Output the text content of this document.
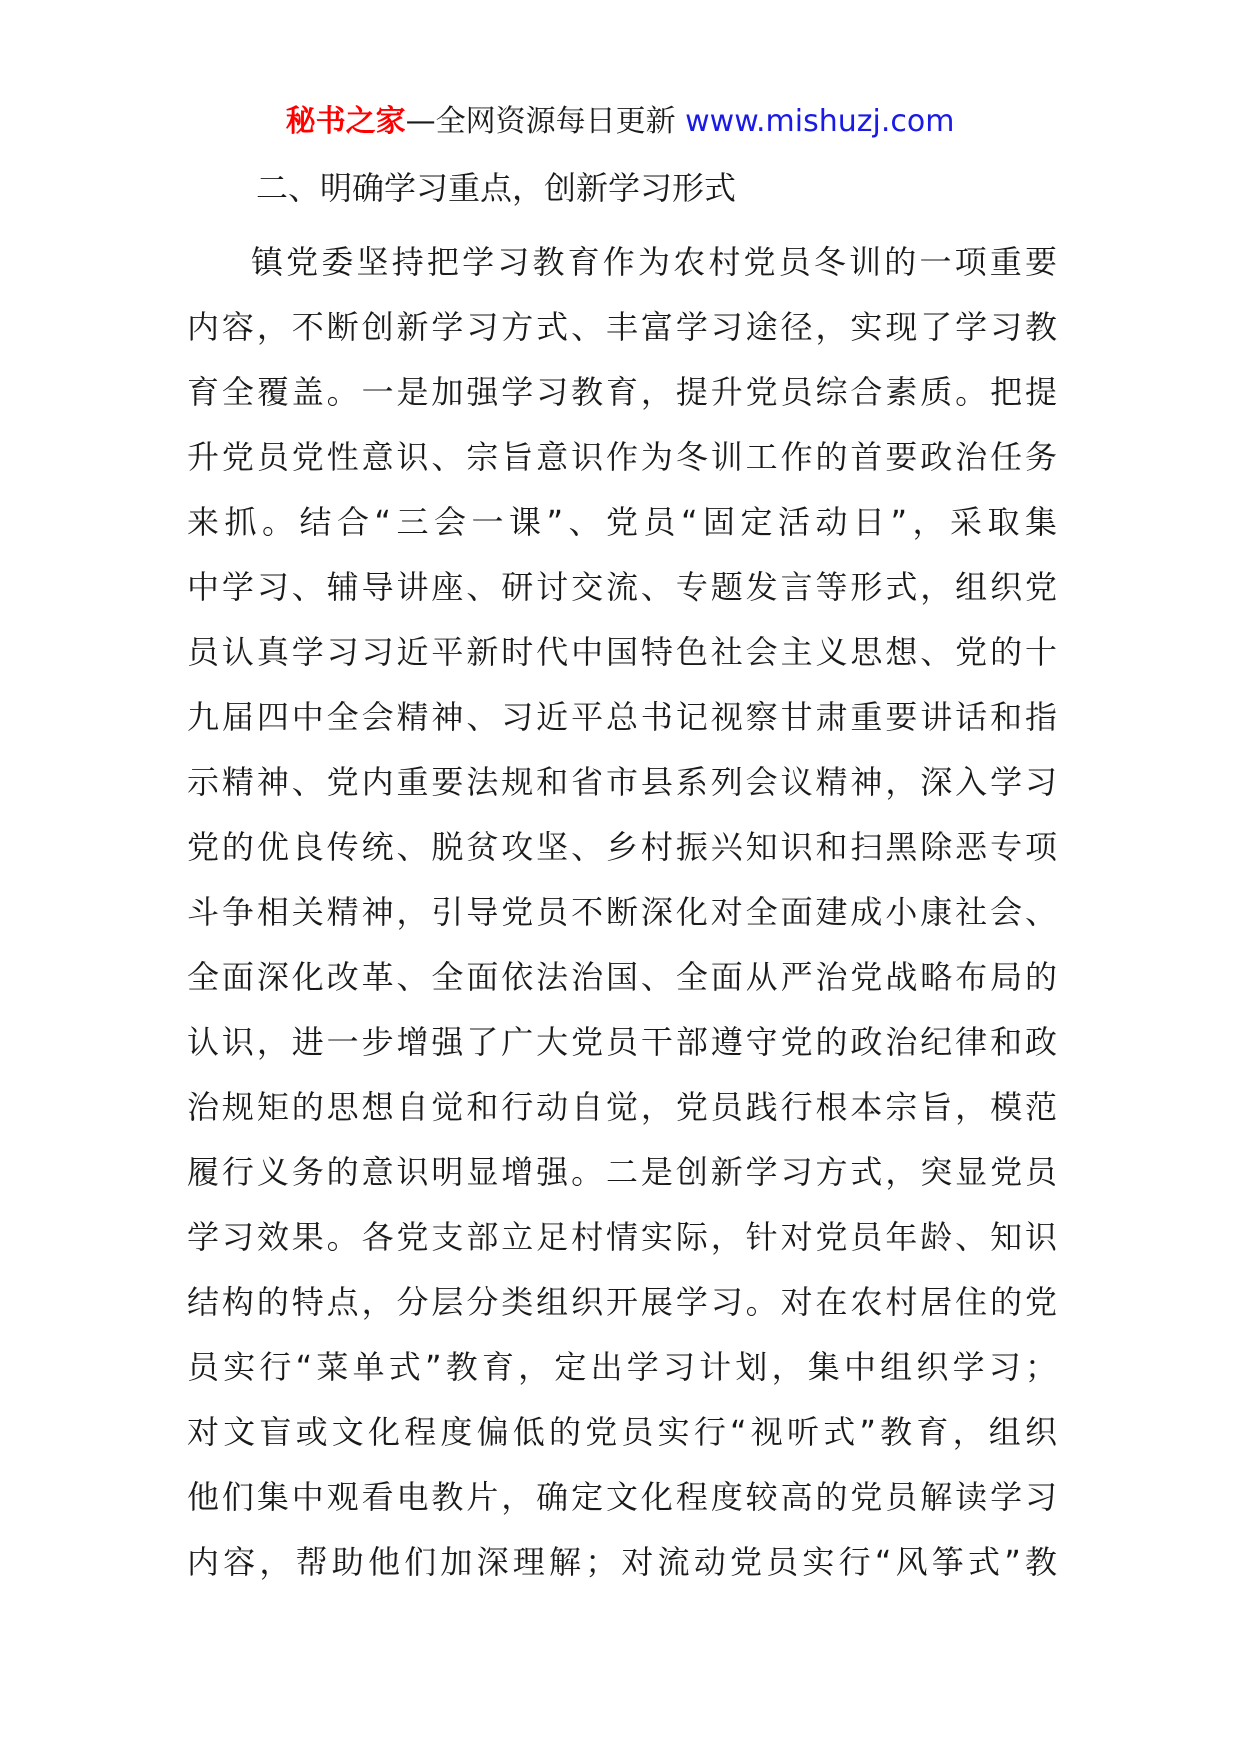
秘书之家—全网资源每日更新 www.mishuzj.com
二、明确学习重点，创新学习形式
镇党委坚持把学习教育作为农村党员冬训的一项重要
内容，不断创新学习方式、丰富学习途径，实现了学习教
育全覆盖。一是加强学习教育，提升党员综合素质。把提
升党员党性意识、宗旨意识作为冬训工作的首要政治任务
来抓。结合“三会一课”、党员“固定活动日”，采取集
中学习、辅导讲座、研讨交流、专题发言等形式，组织党
员认真学习习近平新时代中国特色社会主义思想、党的十
九届四中全会精神、习近平总书记视察甘肃重要讲话和指
示精神、党内重要法规和省市县系列会议精神，深入学习
党的优良传统、脱贫攻坚、乡村振兴知识和扫黑除恶专项
斗争相关精神，引导党员不断深化对全面建成小康社会、
全面深化改革、全面依法治国、全面从严治党战略布局的
认识，进一步增强了广大党员干部遵守党的政治纪律和政
治规矩的思想自觉和行动自觉，党员践行根本宗旨，模范
履行义务的意识明显增强。二是创新学习方式，突显党员
学习效果。各党支部立足村情实际，针对党员年龄、知识
结构的特点，分层分类组织开展学习。对在农村居住的党
员实行“菜单式”教育，定出学习计划，集中组织学习；
对文盲或文化程度偏低的党员实行“视听式”教育，组织
他们集中观看电教片，确定文化程度较高的党员解读学习
内容，帮助他们加深理解；对流动党员实行“风筝式”教
